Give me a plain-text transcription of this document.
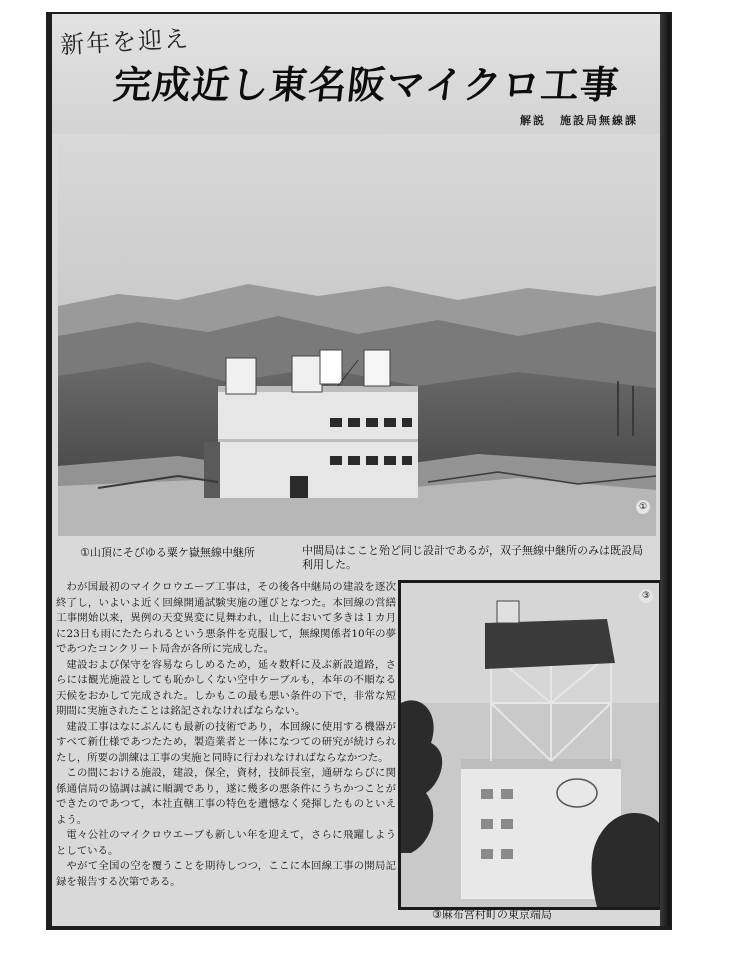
新年を迎え
完成近し東名阪マイクロ工事
解説 施設局無線課
①
①山頂にそびゆる粟ケ嶽無線中継所	中間局はここと殆ど同じ設計であるが，双子無線中継所のみは既設局利用した。

わが国最初のマイクロウエーブ工事は，その後各中継局の建設を逐次終了し，いよいよ近く回線開通試験実施の運びとなつた。本回線の営繕工事開始以来，異例の天変異変に見舞われ，山上において多きは１カ月に23日も雨にたたられるという悪条件を克服して，無線関係者10年の夢であつたコンクリート局舎が各所に完成した。

建設および保守を容易ならしめるため，延々数粁に及ぶ新設道路，さらには観光施設としても恥かしくない空中ケーブルも，本年の不順なる天候をおかして完成された。しかもこの最も悪い条件の下で，非常な短期間に実施されたことは銘記されなければならない。

建設工事はなにぶんにも最新の技術であり，本回線に使用する機器がすべて新仕様であつたため，製造業者と一体になつての研究が続けられたし，所要の訓練は工事の実施と同時に行われなければならなかつた。

この間における施設，建設，保全，資材，技師長室，通研ならびに関係通信局の協調は誠に順調であり，遂に幾多の悪条件にうちかつことができたのであつて，本社直轄工事の特色を遺憾なく発揮したものといえよう。

電々公社のマイクロウエーブも新しい年を迎えて，さらに飛躍しようとしている。

やがて全国の空を覆うことを期待しつつ，ここに本回線工事の開局記録を報告する次第である。

③
③麻布宮村町の東京端局
